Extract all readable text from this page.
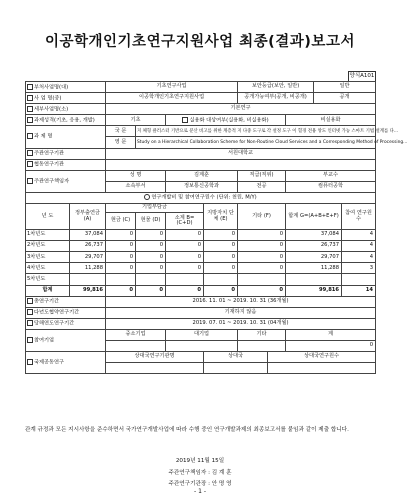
이공학개인기초연구지원사업 최종(결과)보고서
양식A101
부처사업명(대)		기초연구사업				보안등급(보안, 일반)			일반	
사 업 명(중)		이공학개인기초연구지원사업				공개가능여부(공개, 비공개)			공개	
세부사업명(소)		기본연구								
과제성격(기초, 응용, 개발)		기초		실용화 대상여부(실용화, 비실용화)				비실용화		
과 제 명		국 문	지 체형 클러스터 기반으로 분산 비고를 위한 계층적 지 다중 도구로 각 설정 도구 이 혈경 전용 앙도 인터넷 가능 스마트 기법 설계를 다...							
		영 문	Study on a Hierarchical Collaboration Scheme for Non-Routine Cloud Services and a Corresponding Method of Processing...							
주관연구기관		서원대학교								
협동연구기관										
주관연구책임자		성 명		김계훈		직급(직위)		부교수		
		소속부서		정보통신공학과		전공		컴퓨터공학		
연구개발비 및 참여연구원수 (단위: 천원, M/Y)										
년 도	정부출연금 (A)	기업부담금			지방자치 단체 (E)	기타 (F)		합계 G=(A+B+E+F)		참여 연구원수
		현금 (C)	현물 (D)	소계 B=(C+D)						
1차년도	37,084	0	0	0	0	0		37,084		4
2차년도	26,737	0	0	0	0	0		26,737		4
3차년도	29,707	0	0	0	0	0		29,707		4
4차년도	11,288	0	0	0	0	0		11,288		3
5차년도										
합계	99,816	0	0	0	0	0		99,816		14
총연구기간		2016. 11. 01 ~ 2019. 10. 31 (36개월)								
다년도협약연구기간		기재하지 않음								
당해연도연구기간		2019. 07. 01 ~ 2019. 10. 31 (04개월)								
참여기업		중소기업		대기업		기타		계		
								0		
국제공동연구		상대국연구기관명			상대국		상대국연구원수			

관계 규정과 모든 지시사항을 준수하면서 국가연구개발사업에 따라 수행 중인 연구개발과제의 최종보고서를 붙임과 같이 제출 합니다.
2019년 11월 15일
주관연구책임자 : 김 계 훈
주관연구기관장 : 안 명 영
- 1 -
